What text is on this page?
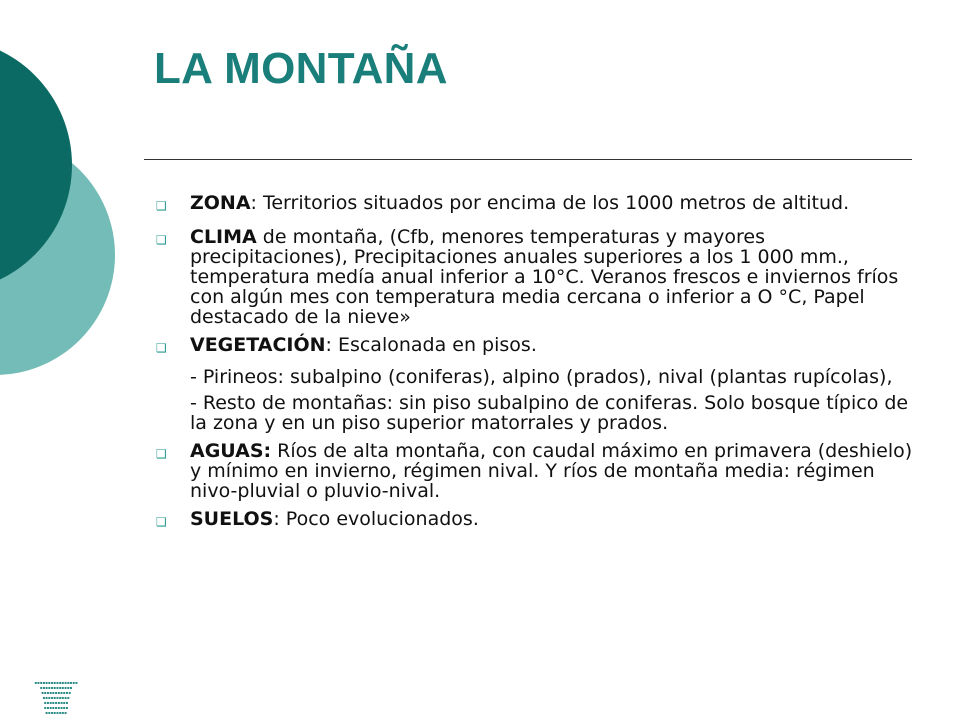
LA MONTAÑA
❑	ZONA: Territorios situados por encima de los 1000 metros de altitud.
❑	CLIMA de montaña, (Cfb, menores temperaturas y mayores precipitaciones), Precipitaciones anuales superiores a los 1 000 mm., temperatura medía anual inferior a 10°C. Veranos frescos e inviernos fríos con algún mes con temperatura media cercana o inferior a O °C, Papel destacado de la nieve»
❑	VEGETACIÓN: Escalonada en pisos.
- Pirineos: subalpino (coniferas), alpino (prados), nival (plantas rupícolas),
- Resto de montañas: sin piso subalpino de coniferas. Solo bosque típico de la zona y en un piso superior matorrales y prados.
❑	AGUAS: Ríos de alta montaña, con caudal máximo en primavera (deshielo) y mínimo en invierno, régimen nival. Y ríos de montaña media: régimen nivo-pluvial o pluvio-nival.
❑	SUELOS: Poco evolucionados.
▪▪▪▪▪▪▪▪▪▪▪▪▪▪▪▪
▪▪▪▪▪▪▪▪▪▪▪▪
▪▪▪▪▪▪▪▪▪▪▪
▪▪▪▪▪▪▪▪▪▪
▪▪▪▪▪▪▪▪▪
▪▪▪▪▪▪▪▪▪
▪▪▪▪▪▪▪▪
